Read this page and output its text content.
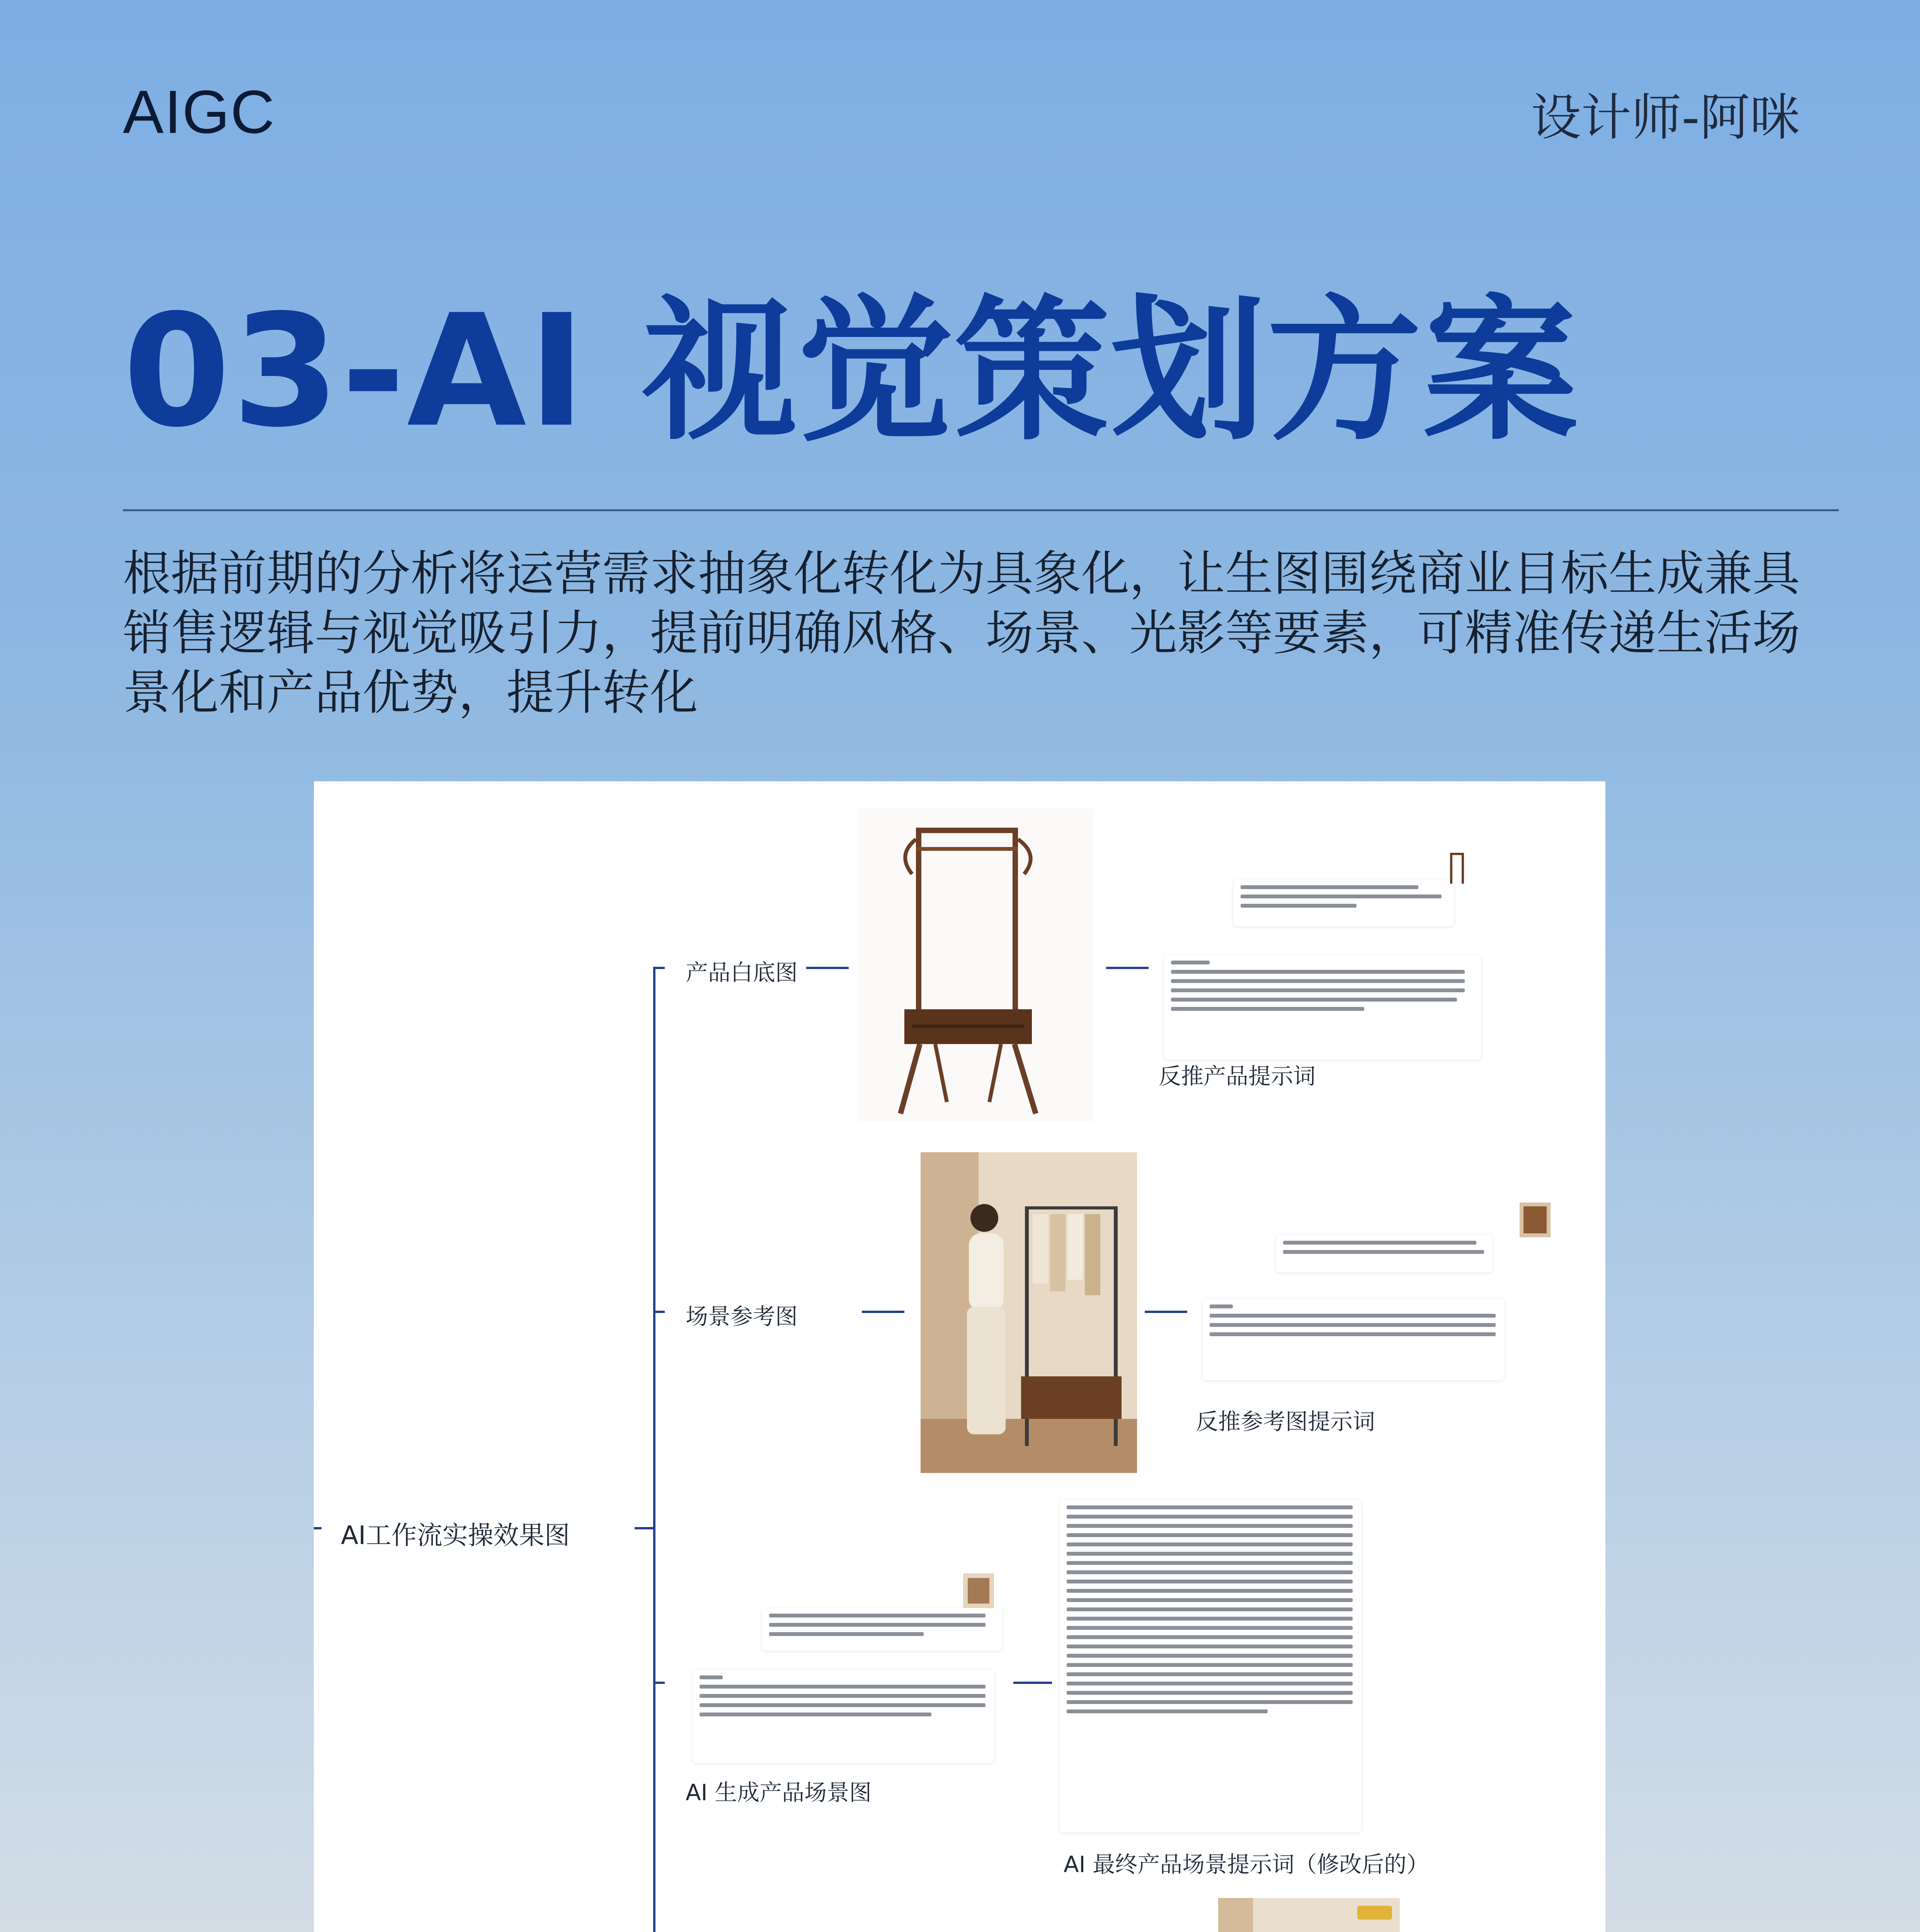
AIGC	设计师-阿咪
03-AI 视觉策划方案
根据前期的分析将运营需求抽象化转化为具象化，让生图围绕商业目标生成兼具销售逻辑与视觉吸引力，提前明确风格、场景、光影等要素，可精准传递生活场景化和产品优势，提升转化
AI工作流实操效果图
产品白底图
反推产品提示词
场景参考图
反推参考图提示词
AI 生成产品场景图
AI 最终产品场景提示词（修改后的）
